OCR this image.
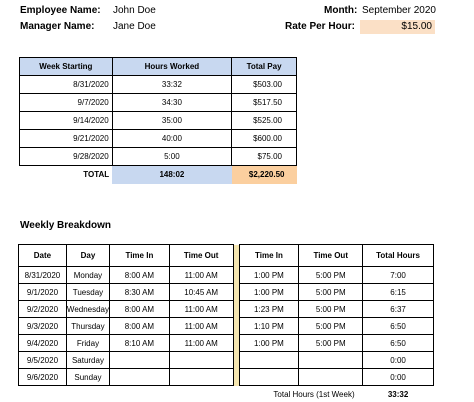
Employee Name: John Doe
Manager Name: Jane Doe
Month: September 2020
Rate Per Hour:	$15.00
Week Starting	Hours Worked	Total Pay
8/31/2020	33:32	$503.00
9/7/2020	34:30	$517.50
9/14/2020	35:00	$525.00
9/21/2020	40:00	$600.00
9/28/2020	5:00	$75.00
TOTAL	148:02	$2,220.50
Weekly Breakdown
Date	Day	Time In	Time Out		Time In	Time Out	Total Hours
8/31/2020	Monday	8:00 AM	11:00 AM		1:00 PM	5:00 PM	7:00
9/1/2020	Tuesday	8:30 AM	10:45 AM		1:00 PM	5:00 PM	6:15
9/2/2020	Wednesday	8:00 AM	11:00 AM		1:23 PM	5:00 PM	6:37
9/3/2020	Thursday	8:00 AM	11:00 AM		1:10 PM	5:00 PM	6:50
9/4/2020	Friday	8:10 AM	11:00 AM		1:00 PM	5:00 PM	6:50
9/5/2020	Saturday						0:00
9/6/2020	Sunday						0:00
Total Hours (1st Week)							33:32
